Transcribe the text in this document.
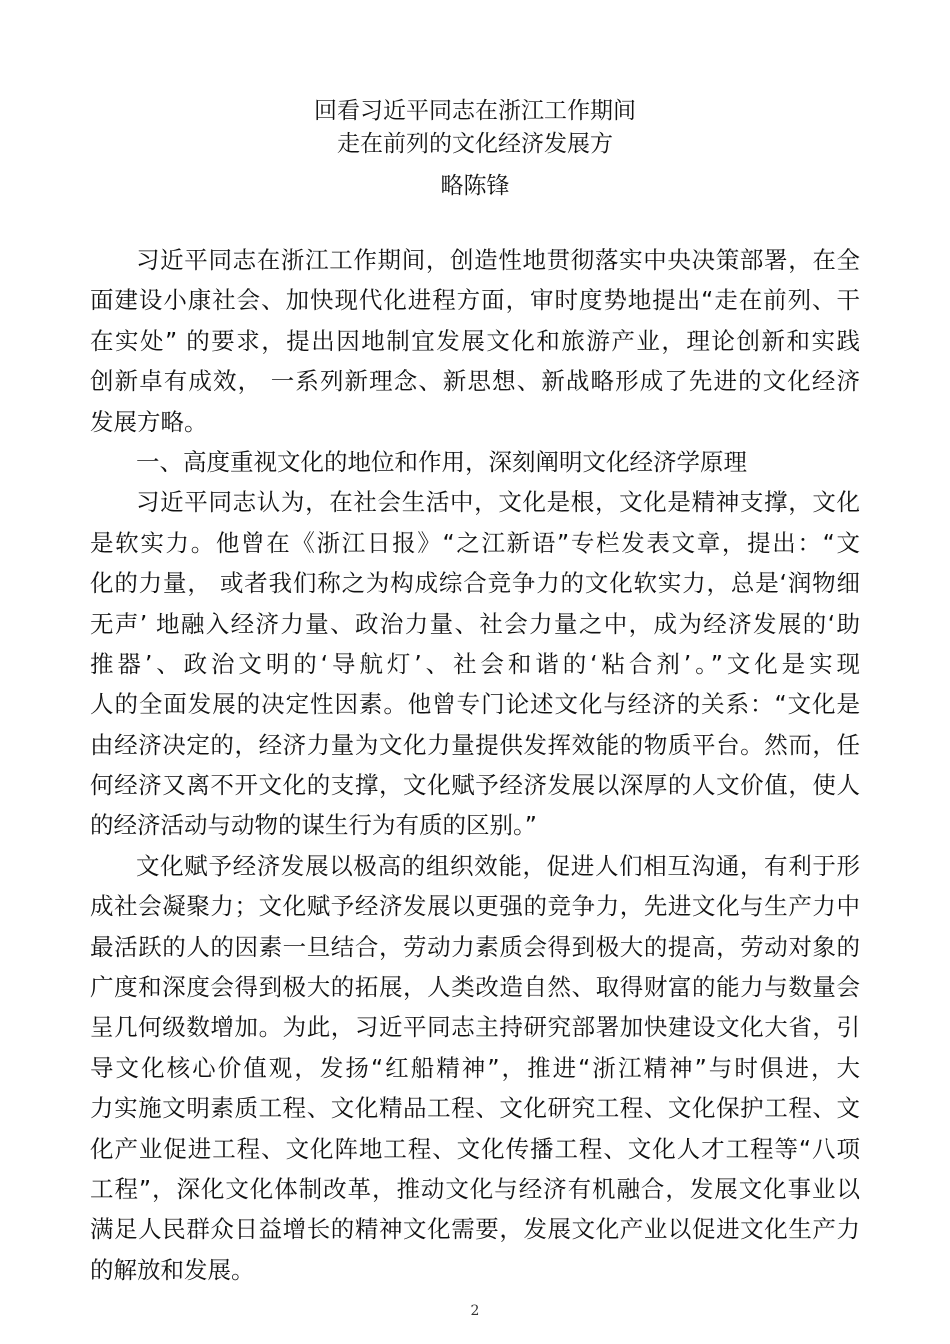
回看习近平同志在浙江工作期间
走在前列的文化经济发展方
略陈锋
习近平同志在浙江工作期间，创造性地贯彻落实中央决策部署，在全
面建设小康社会、加快现代化进程方面，审时度势地提出“走在前列、干
在实处” 的要求，提出因地制宜发展文化和旅游产业，理论创新和实践
创新卓有成效， 一系列新理念、新思想、新战略形成了先进的文化经济
发展方略。
一、高度重视文化的地位和作用，深刻阐明文化经济学原理
习近平同志认为，在社会生活中，文化是根，文化是精神支撑，文化
是软实力。他曾在《浙江日报》“之江新语”专栏发表文章，提出：“文
化的力量， 或者我们称之为构成综合竞争力的文化软实力，总是‘润物细
无声’ 地融入经济力量、政治力量、社会力量之中，成为经济发展的‘助
推器’、政治文明的‘导航灯’、社会和谐的‘粘合剂’。”文化是实现
人的全面发展的决定性因素。他曾专门论述文化与经济的关系：“文化是
由经济决定的，经济力量为文化力量提供发挥效能的物质平台。然而，任
何经济又离不开文化的支撑，文化赋予经济发展以深厚的人文价值，使人
的经济活动与动物的谋生行为有质的区别。”
文化赋予经济发展以极高的组织效能，促进人们相互沟通，有利于形
成社会凝聚力；文化赋予经济发展以更强的竞争力，先进文化与生产力中
最活跃的人的因素一旦结合，劳动力素质会得到极大的提高，劳动对象的
广度和深度会得到极大的拓展，人类改造自然、取得财富的能力与数量会
呈几何级数增加。为此，习近平同志主持研究部署加快建设文化大省，引
导文化核心价值观，发扬“红船精神”，推进“浙江精神”与时俱进，大
力实施文明素质工程、文化精品工程、文化研究工程、文化保护工程、文
化产业促进工程、文化阵地工程、文化传播工程、文化人才工程等“八项
工程”，深化文化体制改革，推动文化与经济有机融合，发展文化事业以
满足人民群众日益增长的精神文化需要，发展文化产业以促进文化生产力
的解放和发展。
2
